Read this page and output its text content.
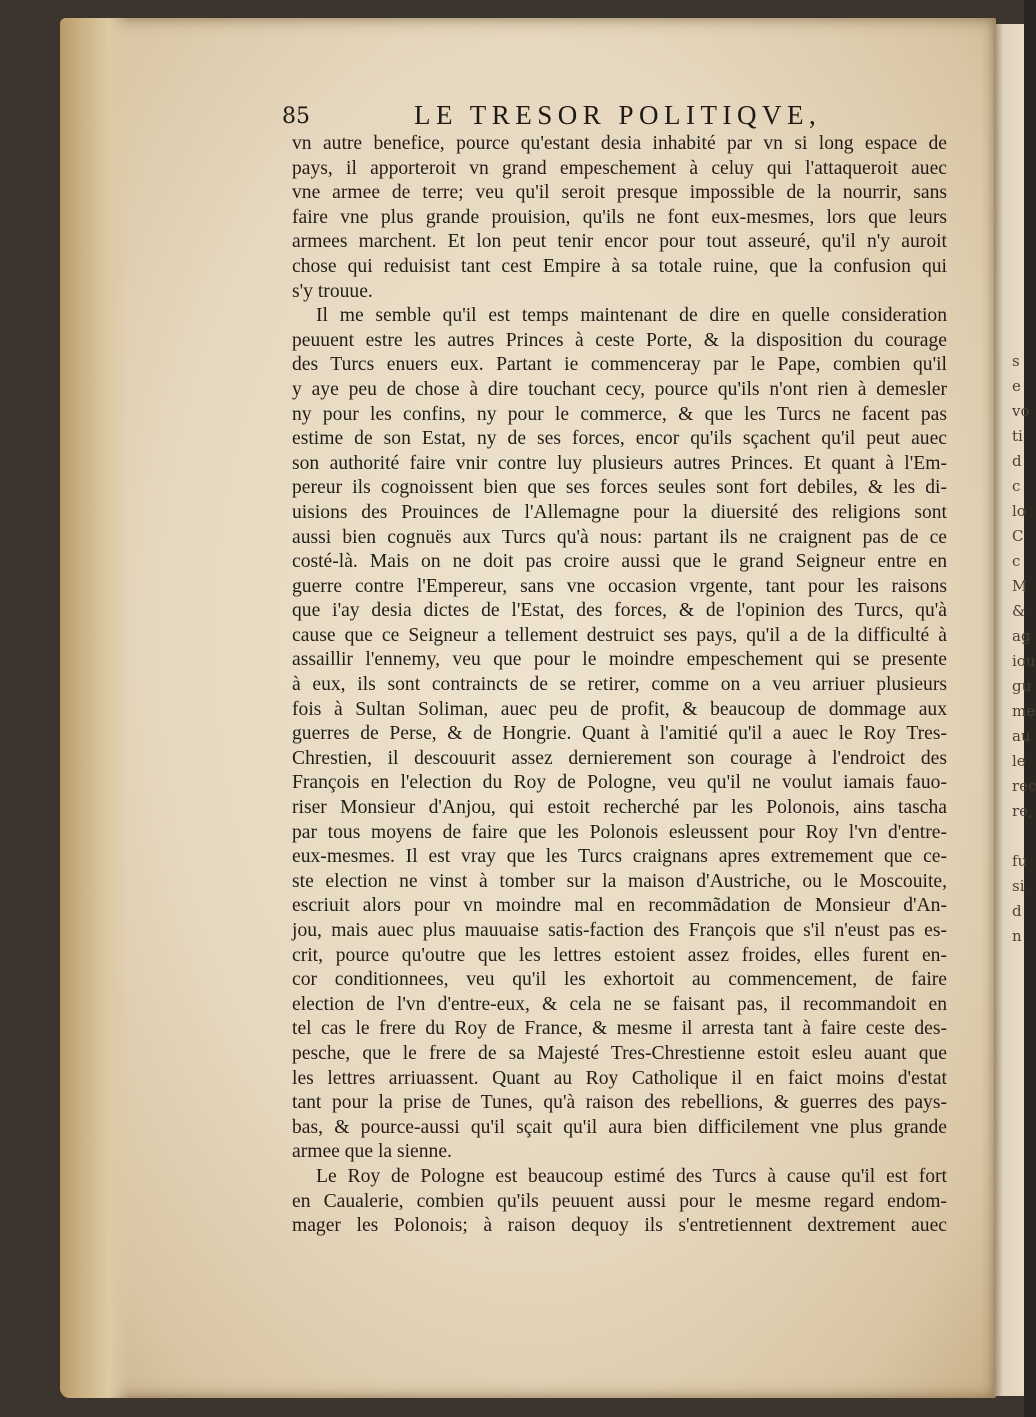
s
e
vo
ti
d
c
lo
C
c
M
&
ag
iou
gu
me
au
le
rec
re,

fu
si
d
n
85	LE TRESOR POLITIQVE,
vn autre benefice, pource qu'estant desia inhabité par vn si long espace de
pays, il apporteroit vn grand empeschement à celuy qui l'attaqueroit auec
vne armee de terre; veu qu'il seroit presque impossible de la nourrir, sans
faire vne plus grande prouision, qu'ils ne font eux-mesmes, lors que leurs
armees marchent. Et lon peut tenir encor pour tout asseuré, qu'il n'y auroit
chose qui reduisist tant cest Empire à sa totale ruine, que la confusion qui
s'y trouue.
Il me semble qu'il est temps maintenant de dire en quelle consideration
peuuent estre les autres Princes à ceste Porte, & la disposition du courage
des Turcs enuers eux. Partant ie commenceray par le Pape, combien qu'il
y aye peu de chose à dire touchant cecy, pource qu'ils n'ont rien à demesler
ny pour les confins, ny pour le commerce, & que les Turcs ne facent pas
estime de son Estat, ny de ses forces, encor qu'ils sçachent qu'il peut auec
son authorité faire vnir contre luy plusieurs autres Princes. Et quant à l'Em-
pereur ils cognoissent bien que ses forces seules sont fort debiles, & les di-
uisions des Prouinces de l'Allemagne pour la diuersité des religions sont
aussi bien cognuës aux Turcs qu'à nous: partant ils ne craignent pas de ce
costé-là. Mais on ne doit pas croire aussi que le grand Seigneur entre en
guerre contre l'Empereur, sans vne occasion vrgente, tant pour les raisons
que i'ay desia dictes de l'Estat, des forces, & de l'opinion des Turcs, qu'à
cause que ce Seigneur a tellement destruict ses pays, qu'il a de la difficulté à
assaillir l'ennemy, veu que pour le moindre empeschement qui se presente
à eux, ils sont contraincts de se retirer, comme on a veu arriuer plusieurs
fois à Sultan Soliman, auec peu de profit, & beaucoup de dommage aux
guerres de Perse, & de Hongrie. Quant à l'amitié qu'il a auec le Roy Tres-
Chrestien, il descouurit assez dernierement son courage à l'endroict des
François en l'election du Roy de Pologne, veu qu'il ne voulut iamais fauo-
riser Monsieur d'Anjou, qui estoit recherché par les Polonois, ains tascha
par tous moyens de faire que les Polonois esleussent pour Roy l'vn d'entre-
eux-mesmes. Il est vray que les Turcs craignans apres extremement que ce-
ste election ne vinst à tomber sur la maison d'Austriche, ou le Moscouite,
escriuit alors pour vn moindre mal en recommãdation de Monsieur d'An-
jou, mais auec plus mauuaise satis-faction des François que s'il n'eust pas es-
crit, pource qu'outre que les lettres estoient assez froides, elles furent en-
cor conditionnees, veu qu'il les exhortoit au commencement, de faire
election de l'vn d'entre-eux, & cela ne se faisant pas, il recommandoit en
tel cas le frere du Roy de France, & mesme il arresta tant à faire ceste des-
pesche, que le frere de sa Majesté Tres-Chrestienne estoit esleu auant que
les lettres arriuassent. Quant au Roy Catholique il en faict moins d'estat
tant pour la prise de Tunes, qu'à raison des rebellions, & guerres des pays-
bas, & pource-aussi qu'il sçait qu'il aura bien difficilement vne plus grande
armee que la sienne.
Le Roy de Pologne est beaucoup estimé des Turcs à cause qu'il est fort
en Caualerie, combien qu'ils peuuent aussi pour le mesme regard endom-
mager les Polonois; à raison dequoy ils s'entretiennent dextrement auec
